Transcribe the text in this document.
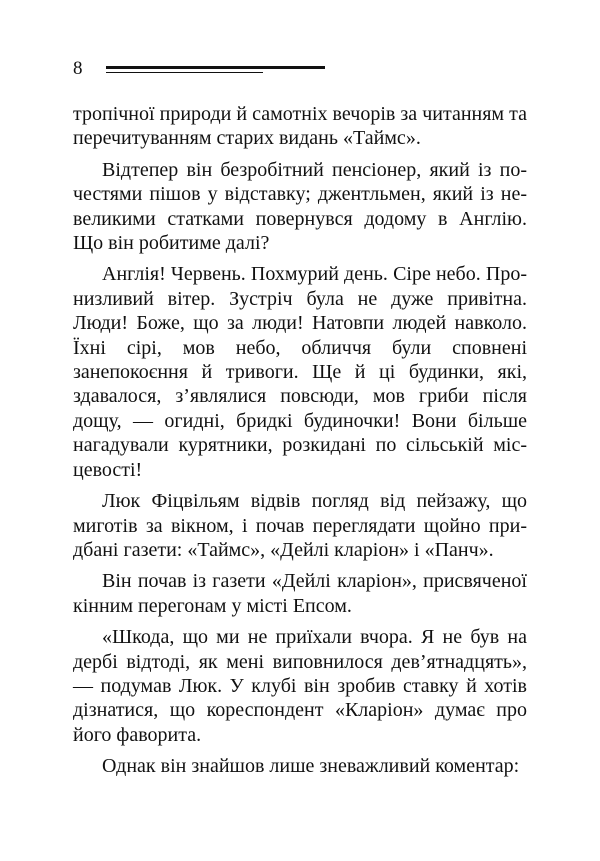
8

тропічної природи й самотніх вечорів за читанням та перечитуванням старих видань «Таймс».

Відтепер він безробітний пенсіонер, який із почестями пішов у відставку; джентльмен, який із невеликими статками повернувся додому в Англію. Що він робитиме далі?

Англія! Червень. Похмурий день. Сіре небо. Пронизливий вітер. Зустріч була не дуже привітна. Люди! Боже, що за люди! Натовпи людей навколо. Їхні сірі, мов небо, обличчя були сповнені занепокоєння й тривоги. Ще й ці будинки, які, здавалося, з’являлися повсюди, мов гриби після дощу, — огидні, бридкі будиночки! Вони більше нагадували курятники, розкидані по сільській місцевості!

Люк Фіцвільям відвів погляд від пейзажу, що миготів за вікном, і почав переглядати щойно придбані газети: «Таймс», «Дейлі кларіон» і «Панч».

Він почав із газети «Дейлі кларіон», присвяченої кінним перегонам у місті Епсом.

«Шкода, що ми не приїхали вчора. Я не був на дербі відтоді, як мені виповнилося дев’ятнадцять», — подумав Люк. У клубі він зробив ставку й хотів дізнатися, що кореспондент «Кларіон» думає про його фаворита.

Однак він знайшов лише зневажливий коментар:
